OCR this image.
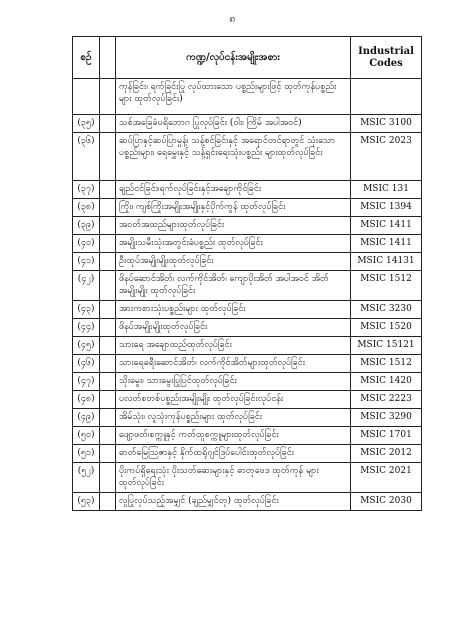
၈
စဉ်		ကဏ္ဍ/လုပ်ငန်းအမျိုးအစား	Industrial
Codes
		ကုန်ခြင်း၊ ရက်ခြင်းပြု လုပ်ထားသော ပစ္စည်းများဖြင့် ထုတ်ကုန်ပစ္စည်းများ ထုတ်လုပ်ခြင်း)	
(၃၅)		သစ်အခြေခံပရိဘောဂ ပြုလုပ်ခြင်း (ဝါး၊ ကြိမ် အပါအဝင်)	MSIC 3100
(၃၆)		ဆပ်ပြာနှင့်ဆပ်ပြာမှုန့်၊ သန့်စင်ခြင်းနှင့် အရောင်တင်ရာတွင် သုံးသော ပစ္စည်းများ၊ ရေမွှေးနှင့် သန့်ရှင်းရေးသုံးပစ္စည်း များထုတ်လုပ်ခြင်း	MSIC 2023
(၃၇)		ချည်ငင်ခြင်း၊ရက်လုပ်ခြင်းနှင့်အချောကိုင်ခြင်း	MSIC 131
(၃၈)		ကြိုး၊ ကျစ်ကြိုးအမျိုးအမျိုးနှင့်ပိုက်ကွန် ထုတ်လုပ်ခြင်း	MSIC 1394
(၃၉)		အဝတ်အထည်များထုတ်လုပ်ခြင်း	MSIC 1411
(၄၀)		အမျိုးသမီးသုံးအတွင်းခံပစ္စည်း ထုတ်လုပ်ခြင်း	MSIC 1411
(၄၁)		ဦးထုပ်အမျိုးမျိုးထုတ်လုပ်ခြင်း	MSIC 14131
(၄၂)		ဖိနပ်ဆောင်အိတ်၊ လက်ကိုင်အိတ်၊ ကျောပိုးအိတ် အပါအဝင် အိတ်အမျိုးမျိုး ထုတ်လုပ်ခြင်း	MSIC 1512
(၄၃)		အားကစားသုံးပစ္စည်းများ ထုတ်လုပ်ခြင်း	MSIC 3230
(၄၄)		ဖိနပ်အမျိုးမျိုးထုတ်လုပ်ခြင်း	MSIC 1520
(၄၅)		သားရေ အချောထည်ထုတ်လုပ်ခြင်း	MSIC 15121
(၄၆)		သားရေခရီးဆောင်အိတ်၊ လက်ကိုင်အိတ်များထုတ်လုပ်ခြင်း	MSIC 1512
(၄၇)		သိုးမွေး၊ သားမွေးပြုပြင်ထုတ်လုပ်ခြင်း	MSIC 1420
(၄၈)		ပလတ်စတစ်ပစ္စည်းအမျိုးမျိုး ထုတ်လုပ်ခြင်းလုပ်ငန်း	MSIC 2223
(၄၉)		အိမ်သုံး၊ လူသုံးကုန်ပစ္စည်းများ ထုတ်လုပ်ခြင်း	MSIC 3290
(၅၀)		ဖျော့ဖတ်၊စက္ကူနှင့် ကတ်ထူစက္ကူများထုတ်လုပ်ခြင်း	MSIC 1701
(၅၁)		ဓာတ်မြေဩဇာနှင့် နိုက်ထရိုဂျင်ဒြပ်ပေါင်းထုတ်လုပ်ခြင်း	MSIC 2012
(၅၂)		ပိုးကပ်ရှိရေးသုံး ပိုးသတ်ဆေးများနှင့် ဓာတုဗေဒ ထုတ်ကုန် များထုတ်လုပ်ခြင်း	MSIC 2021
(၅၃)		လူပြုလုပ်သည့်အမျှင် (ချည်မျှင်တု) ထုတ်လုပ်ခြင်း	MSIC 2030
